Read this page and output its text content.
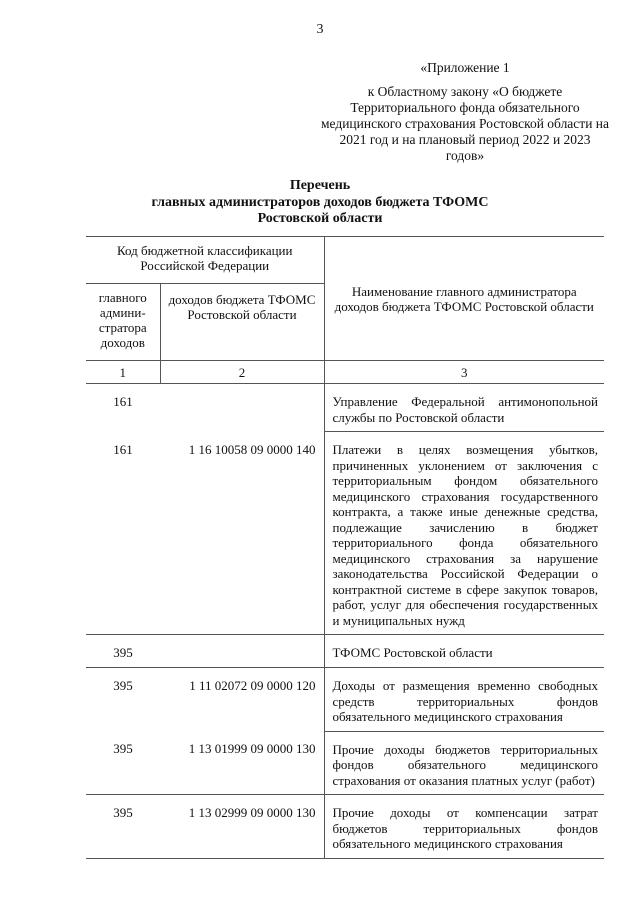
3
«Приложение 1
к Областному закону «О бюджете Территориального фонда обязательного медицинского страхования Ростовской области на 2021 год и на плановый период 2022 и 2023 годов»
Перечень
главных администраторов доходов бюджета ТФОМС
Ростовской области
Код бюджетной классификации Российской Федерации		Наименование главного администратора доходов бюджета ТФОМС Ростовской области
главного админи-стратора доходов	доходов бюджета ТФОМС Ростовской области	
1	2	3
161		Управление Федеральной антимонопольной службы по Ростовской области
161	1 16 10058 09 0000 140	Платежи в целях возмещения убытков, причиненных уклонением от заключения с территориальным фондом обязательного медицинского страхования государственного контракта, а также иные денежные средства, подлежащие зачислению в бюджет территориального фонда обязательного медицинского страхования за нарушение законодательства Российской Федерации о контрактной системе в сфере закупок товаров, работ, услуг для обеспечения государственных и муниципальных нужд
395		ТФОМС Ростовской области
395	1 11 02072 09 0000 120	Доходы от размещения временно свободных средств территориальных фондов обязательного медицинского страхования
395	1 13 01999 09 0000 130	Прочие доходы бюджетов территориальных фондов обязательного медицинского страхования от оказания платных услуг (работ)
395	1 13 02999 09 0000 130	Прочие доходы от компенсации затрат бюджетов территориальных фондов обязательного медицинского страхования
